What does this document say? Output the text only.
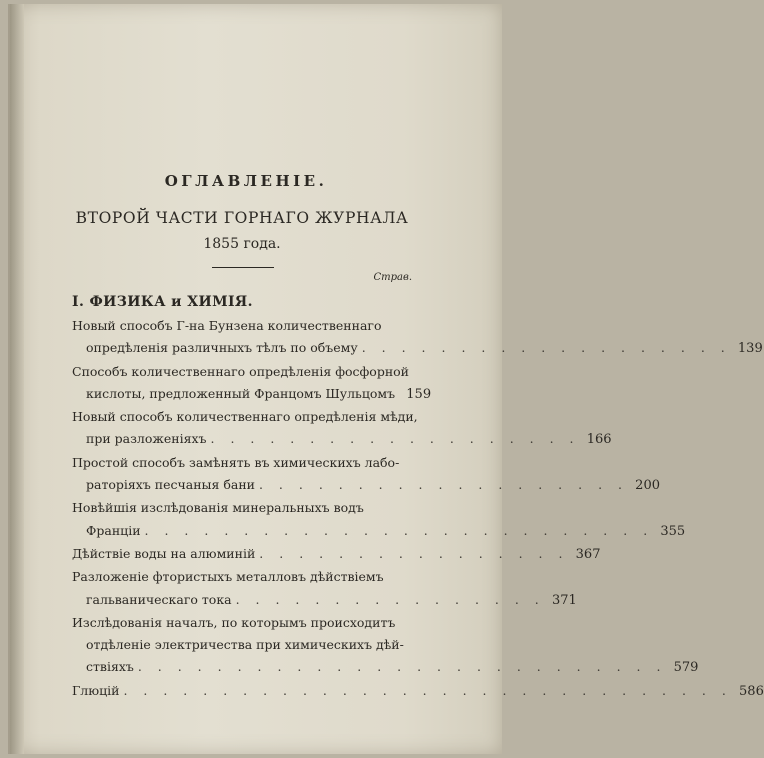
ОГЛАВЛЕНІЕ.
ВТОРОЙ ЧАСТИ ГОРНАГО ЖУРНАЛА
1855 года.
Страв.
I. ФИЗИКА и ХИМІЯ.
Новый способъ Г-на Бунзена количественнаго
опредѣленія различныхъ тѣлъ по объему . . . . . . . . . . . . . . . . . . . 139
Способъ количественнаго опредѣленія фосфорной
кислоты, предложенный Францомъ Шульцомъ 159
Новый способъ количественнаго опредѣленія мѣди,
при разложеніяхъ . . . . . . . . . . . . . . . . . . . 166
Простой способъ замѣнять въ химическихъ лабо-
раторіяхъ песчаныя бани . . . . . . . . . . . . . . . . . . . 200
Новѣйшія изслѣдованія минеральныхъ водъ
Франціи . . . . . . . . . . . . . . . . . . . . . . . . . . 355
Дѣйствіе воды на алюминій . . . . . . . . . . . . . . . . 367
Разложеніе фтористыхъ металловъ дѣйствіемъ
гальваническаго тока . . . . . . . . . . . . . . . . 371
Изслѣдованія началъ, по которымъ происходитъ
отдѣленіе электричества при химическихъ дѣй-
ствіяхъ . . . . . . . . . . . . . . . . . . . . . . . . . . . 579
Глюцій . . . . . . . . . . . . . . . . . . . . . . . . . . . . . . . 586
